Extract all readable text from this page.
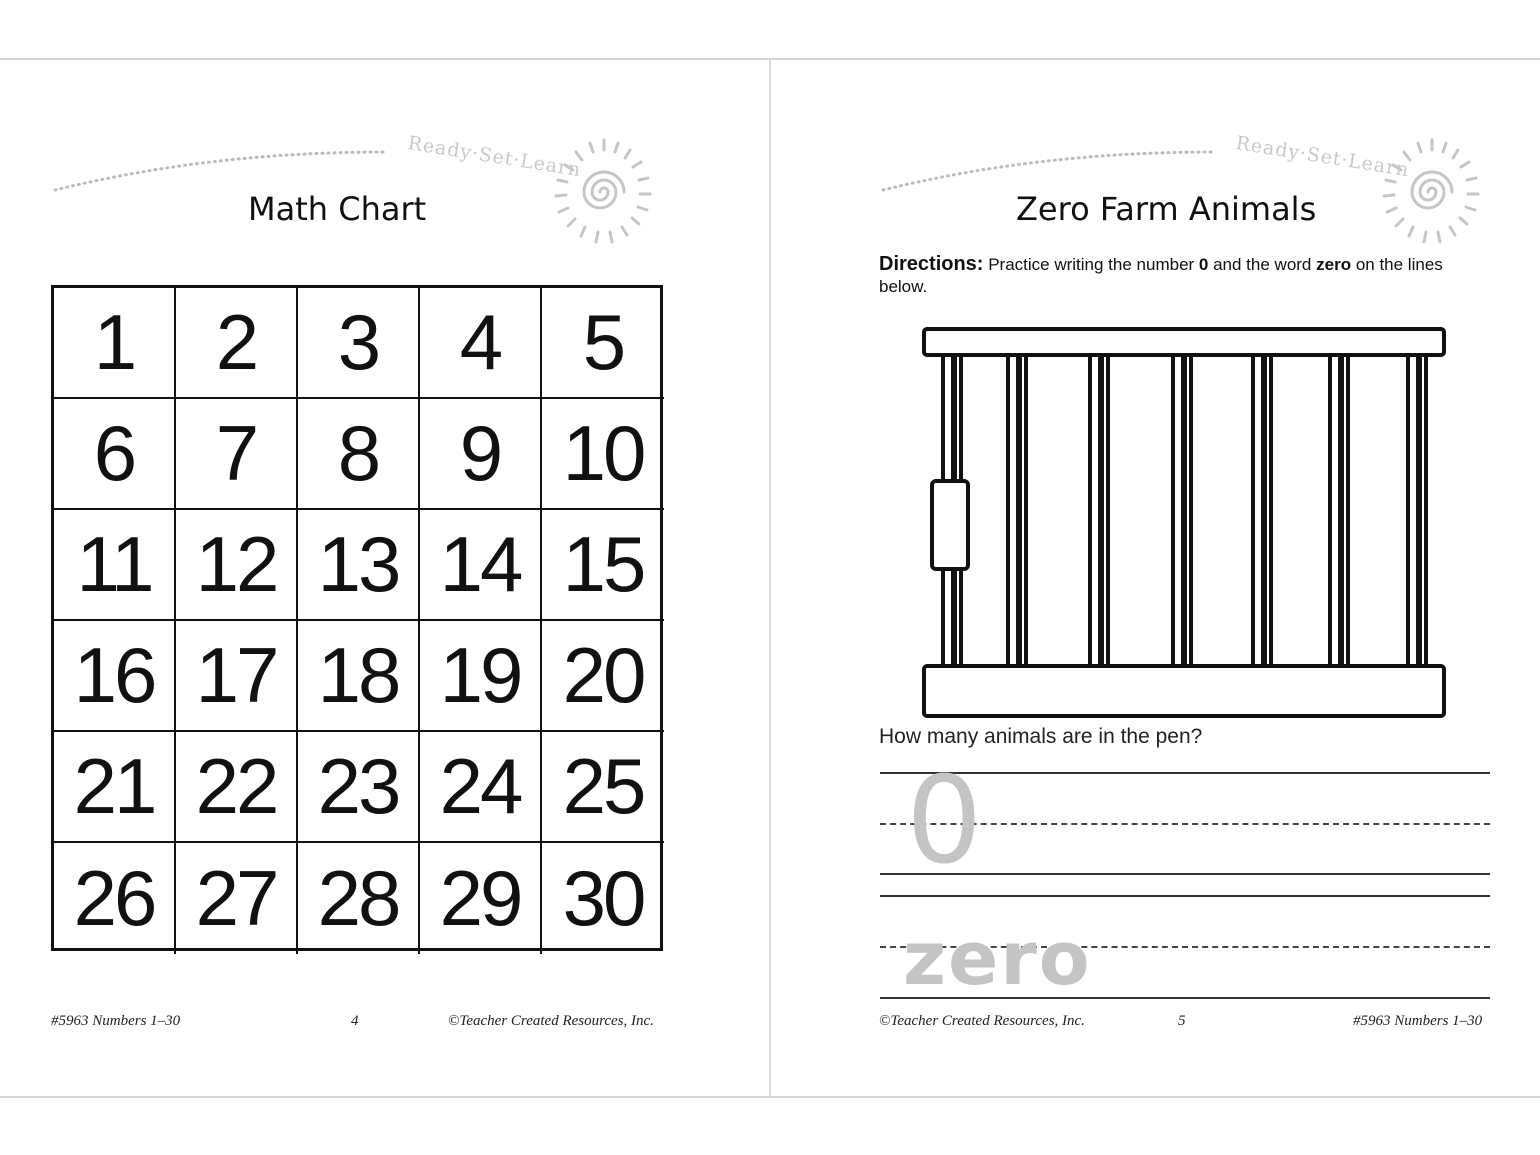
Ready·Set·Learn
Math Chart
1	2	3	4	5
6	7	8	9 10
11 12 13 14 15
16 17 18 19 20
21 22 23 24 25
26 27 28 29 30
#5963 Numbers 1–30	4	©Teacher Created Resources, Inc.
Ready·Set·Learn
Zero Farm Animals
Directions: Practice writing the number 0 and the word zero on the lines below.
How many animals are in the pen?
0
zero
©Teacher Created Resources, Inc.	5	#5963 Numbers 1–30
